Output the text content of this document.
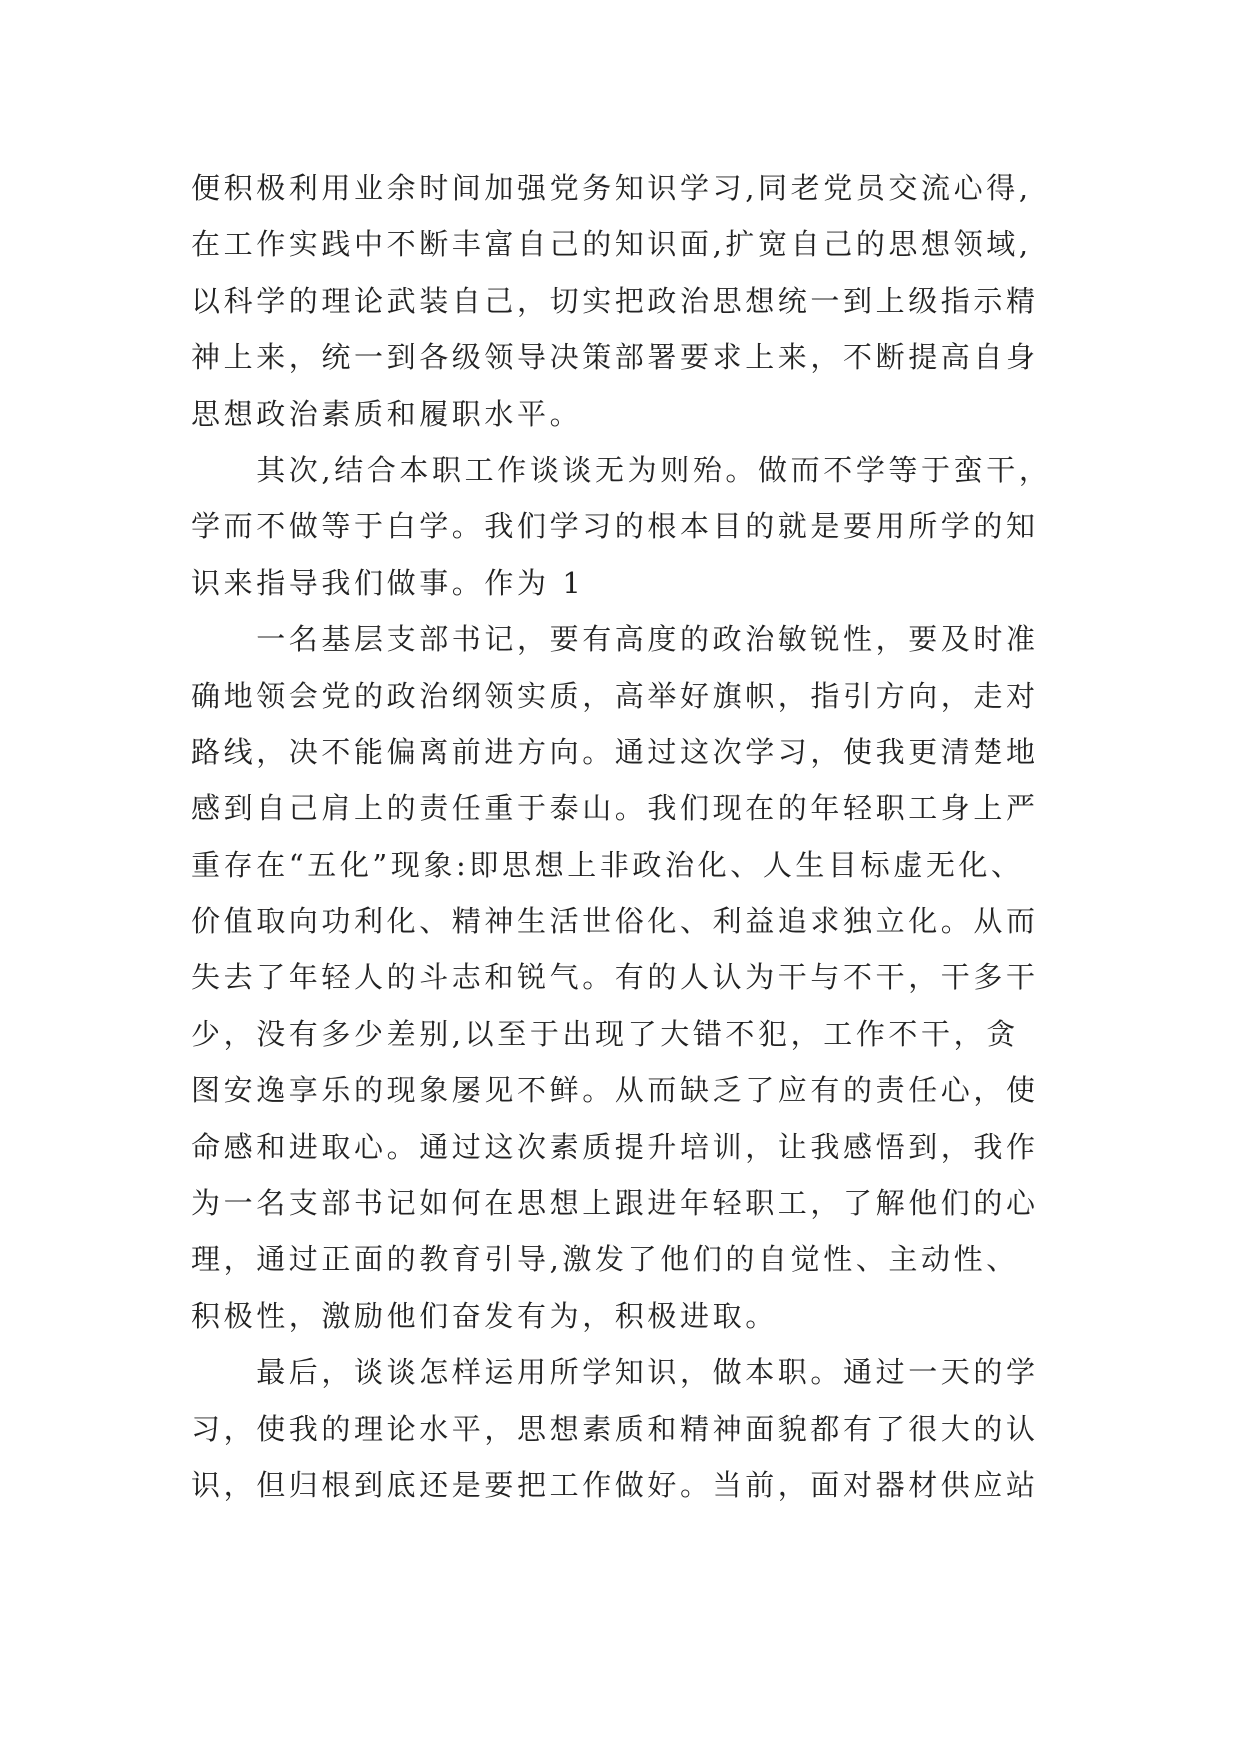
便积极利用业余时间加强党务知识学习,同老党员交流心得,
在工作实践中不断丰富自己的知识面,扩宽自己的思想领域,
以科学的理论武装自己，切实把政治思想统一到上级指示精
神上来，统一到各级领导决策部署要求上来，不断提高自身
思想政治素质和履职水平。
　　其次,结合本职工作谈谈无为则殆。做而不学等于蛮干，
学而不做等于白学。我们学习的根本目的就是要用所学的知
识来指导我们做事。作为 1
　　一名基层支部书记，要有高度的政治敏锐性，要及时准
确地领会党的政治纲领实质，高举好旗帜，指引方向，走对
路线，决不能偏离前进方向。通过这次学习，使我更清楚地
感到自己肩上的责任重于泰山。我们现在的年轻职工身上严
重存在“五化”现象:即思想上非政治化、人生目标虚无化、
价值取向功利化、精神生活世俗化、利益追求独立化。从而
失去了年轻人的斗志和锐气。有的人认为干与不干，干多干
少，没有多少差别,以至于出现了大错不犯，工作不干，贪
图安逸享乐的现象屡见不鲜。从而缺乏了应有的责任心，使
命感和进取心。通过这次素质提升培训，让我感悟到，我作
为一名支部书记如何在思想上跟进年轻职工，了解他们的心
理，通过正面的教育引导,激发了他们的自觉性、主动性、
积极性，激励他们奋发有为，积极进取。
　　最后，谈谈怎样运用所学知识，做本职。通过一天的学
习，使我的理论水平，思想素质和精神面貌都有了很大的认
识，但归根到底还是要把工作做好。当前，面对器材供应站
